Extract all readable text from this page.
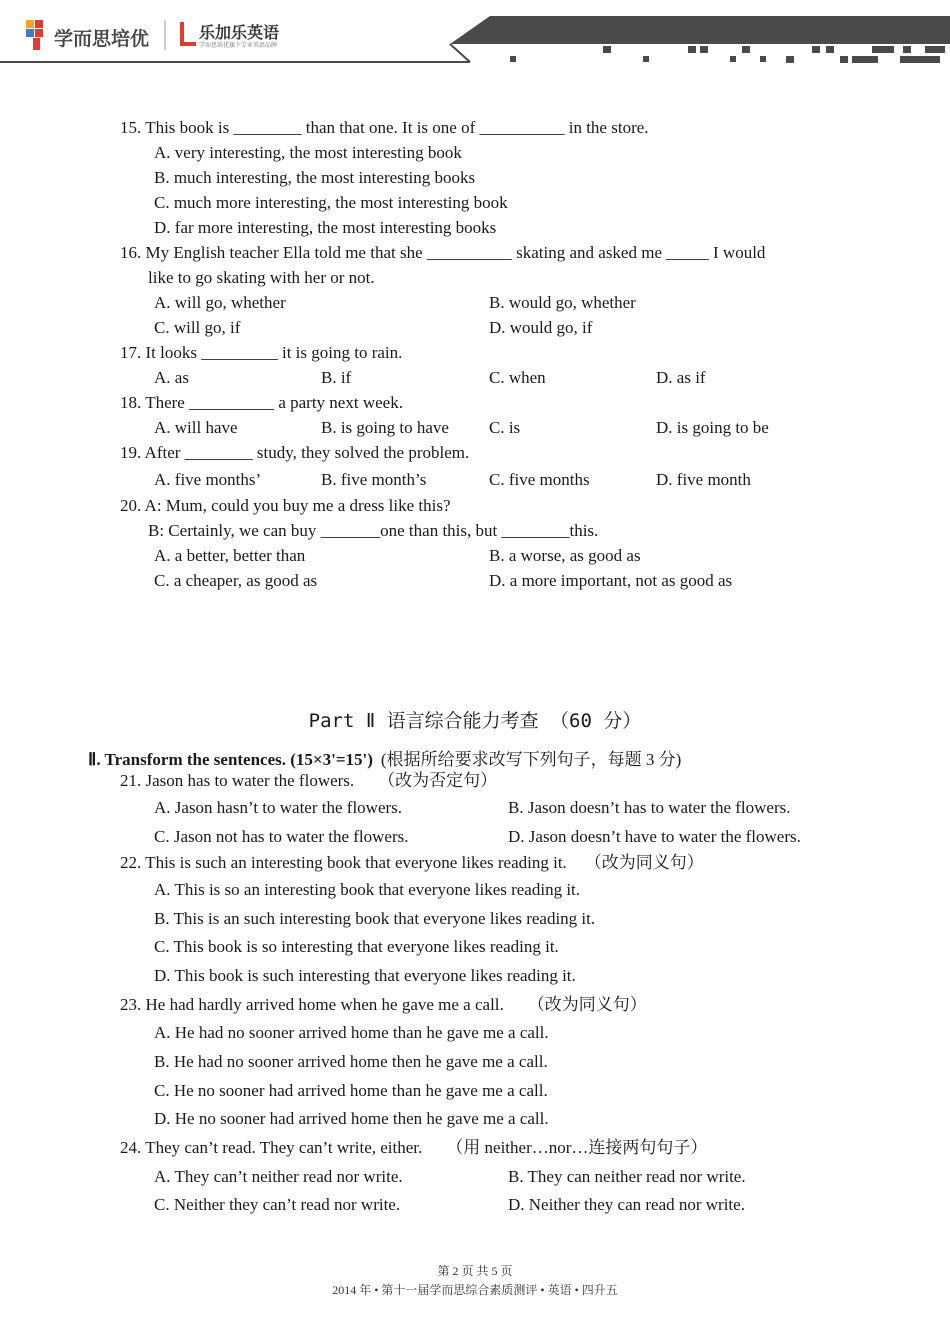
学而思培优	乐加乐英语
学而思培优旗下专业英语品牌
15. This book is ________ than that one. It is one of __________ in the store.
A. very interesting, the most interesting book
B. much interesting, the most interesting books
C. much more interesting, the most interesting book
D. far more interesting, the most interesting books
16. My English teacher Ella told me that she __________ skating and asked me _____ I would
like to go skating with her or not.
A. will go, whether	B. would go, whether
C. will go, if	D. would go, if
17. It looks _________ it is going to rain.
A. as	B. if	C. when	D. as if
18. There __________ a party next week.
A. will have	B. is going to have C. is	D. is going to be
19. After ________ study, they solved the problem.
A. five months’	B. five month’s	C. five months	D. five month
20. A: Mum, could you buy me a dress like this?
B: Certainly, we can buy _______one than this, but ________this.
A. a better, better than	B. a worse, as good as
C. a cheaper, as good as	D. a more important, not as good as
Part Ⅱ 语言综合能力考查 （60 分）
Ⅱ. Transform the sentences. (15×3'=15') (根据所给要求改写下列句子，每题 3 分)
21. Jason has to water the flowers. （改为否定句）
A. Jason hasn’t to water the flowers.	B. Jason doesn’t has to water the flowers.
C. Jason not has to water the flowers.	D. Jason doesn’t have to water the flowers.
22. This is such an interesting book that everyone likes reading it. （改为同义句）
A. This is so an interesting book that everyone likes reading it.
B. This is an such interesting book that everyone likes reading it.
C. This book is so interesting that everyone likes reading it.
D. This book is such interesting that everyone likes reading it.
23. He had hardly arrived home when he gave me a call. （改为同义句）
A. He had no sooner arrived home than he gave me a call.
B. He had no sooner arrived home then he gave me a call.
C. He no sooner had arrived home than he gave me a call.
D. He no sooner had arrived home then he gave me a call.
24. They can’t read. They can’t write, either. （用 neither…nor…连接两句句子）
A. They can’t neither read nor write.	B. They can neither read nor write.
C. Neither they can’t read nor write.	D. Neither they can read nor write.
第 2 页 共 5 页
2014 年 • 第十一届学而思综合素质测评 • 英语 • 四升五
